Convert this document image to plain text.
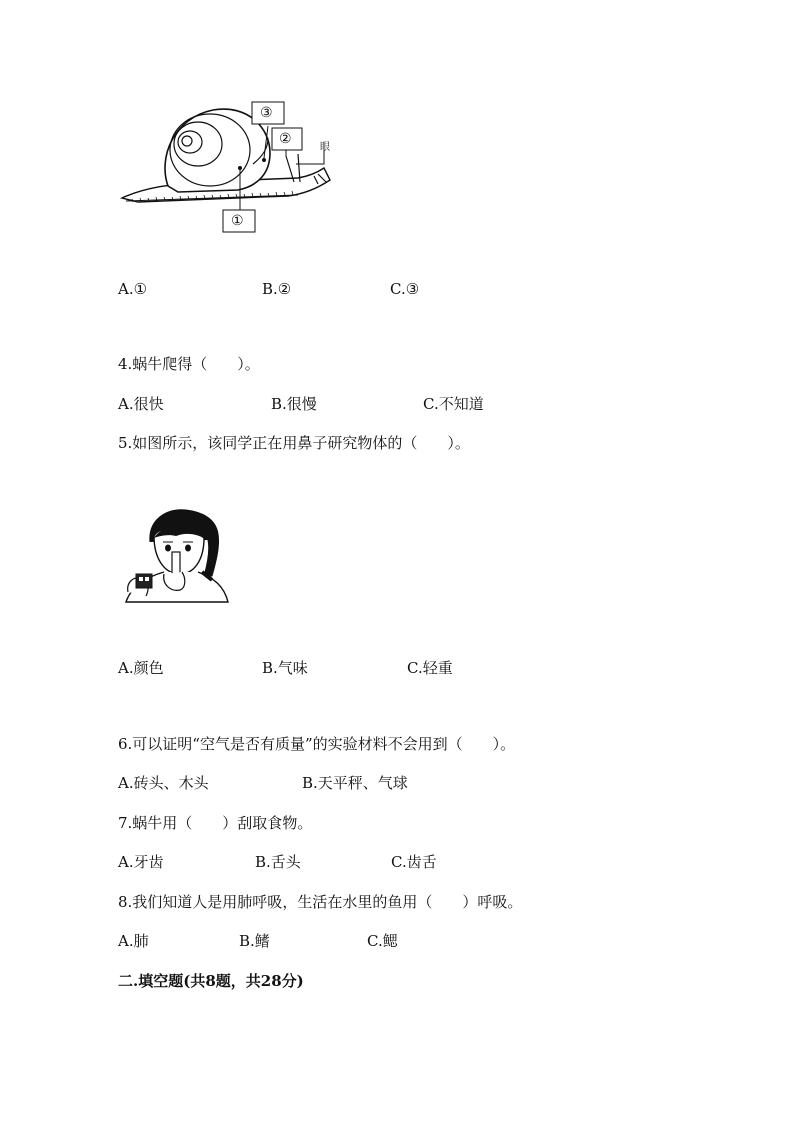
③
②
①
眼
A.①	B.②	C.③
4.蜗牛爬得（　　）。
A.很快	B.很慢	C.不知道
5.如图所示，该同学正在用鼻子研究物体的（　　）。
A.颜色	B.气味	C.轻重
6.可以证明“空气是否有质量”的实验材料不会用到（　　）。
A.砖头、木头	B.天平秤、气球
7.蜗牛用（　　）刮取食物。
A.牙齿	B.舌头	C.齿舌
8.我们知道人是用肺呼吸，生活在水里的鱼用（　　）呼吸。
A.肺	B.鳍	C.鳃
二.填空题(共8题，共28分)
